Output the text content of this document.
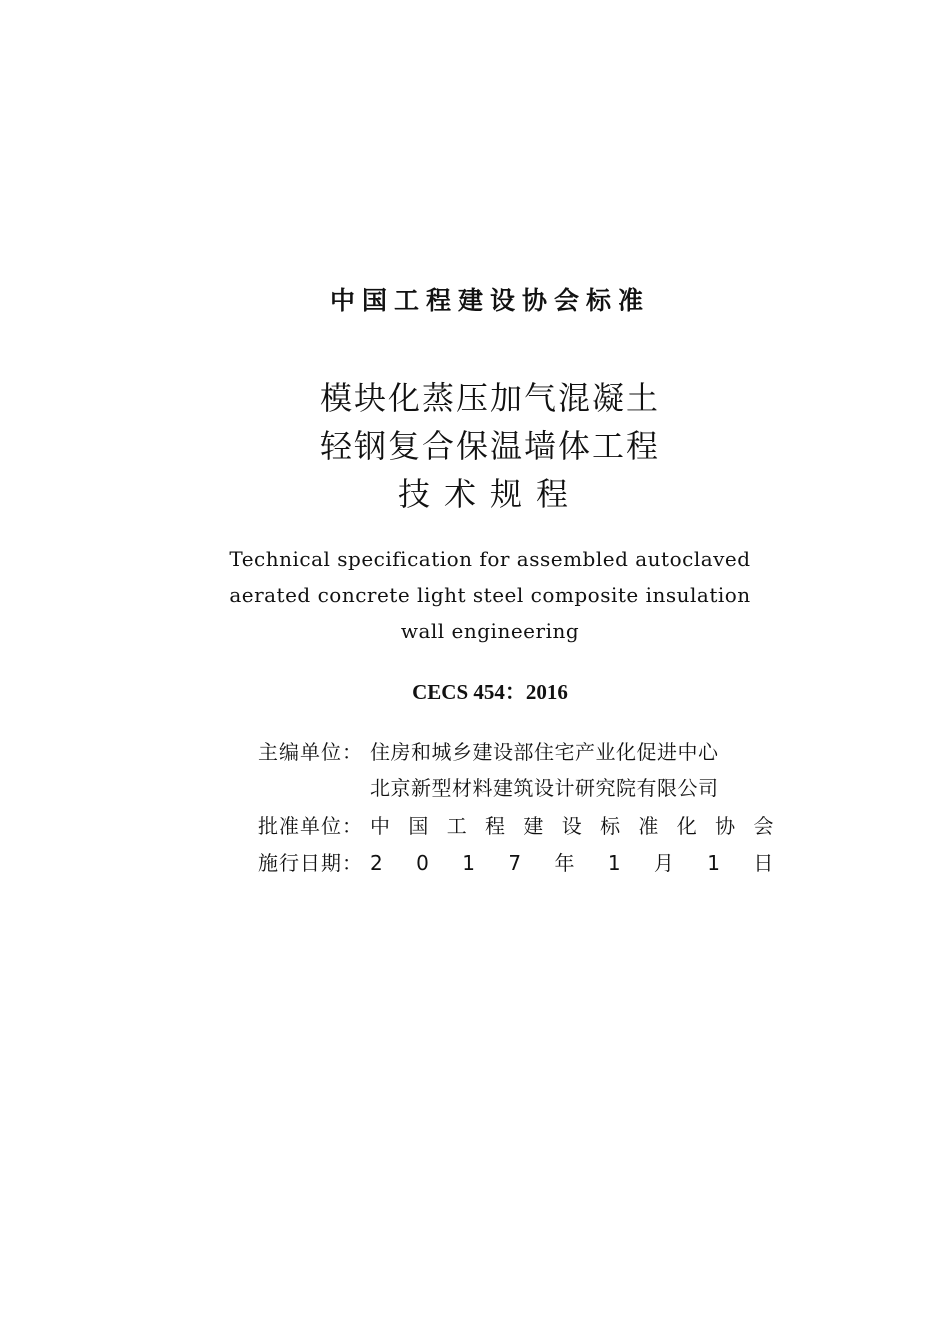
中国工程建设协会标准
模块化蒸压加气混凝土
轻钢复合保温墙体工程
技术规程
Technical specification for assembled autoclaved
aerated concrete light steel composite insulation
wall engineering
CECS 454：2016
主编单位： 住房和城乡建设部住宅产业化促进中心
北京新型材料建筑设计研究院有限公司
批准单位： 中 国 工 程 建 设 标 准 化 协 会
施行日期： 2 0 1 7 年 1 月 1 日
